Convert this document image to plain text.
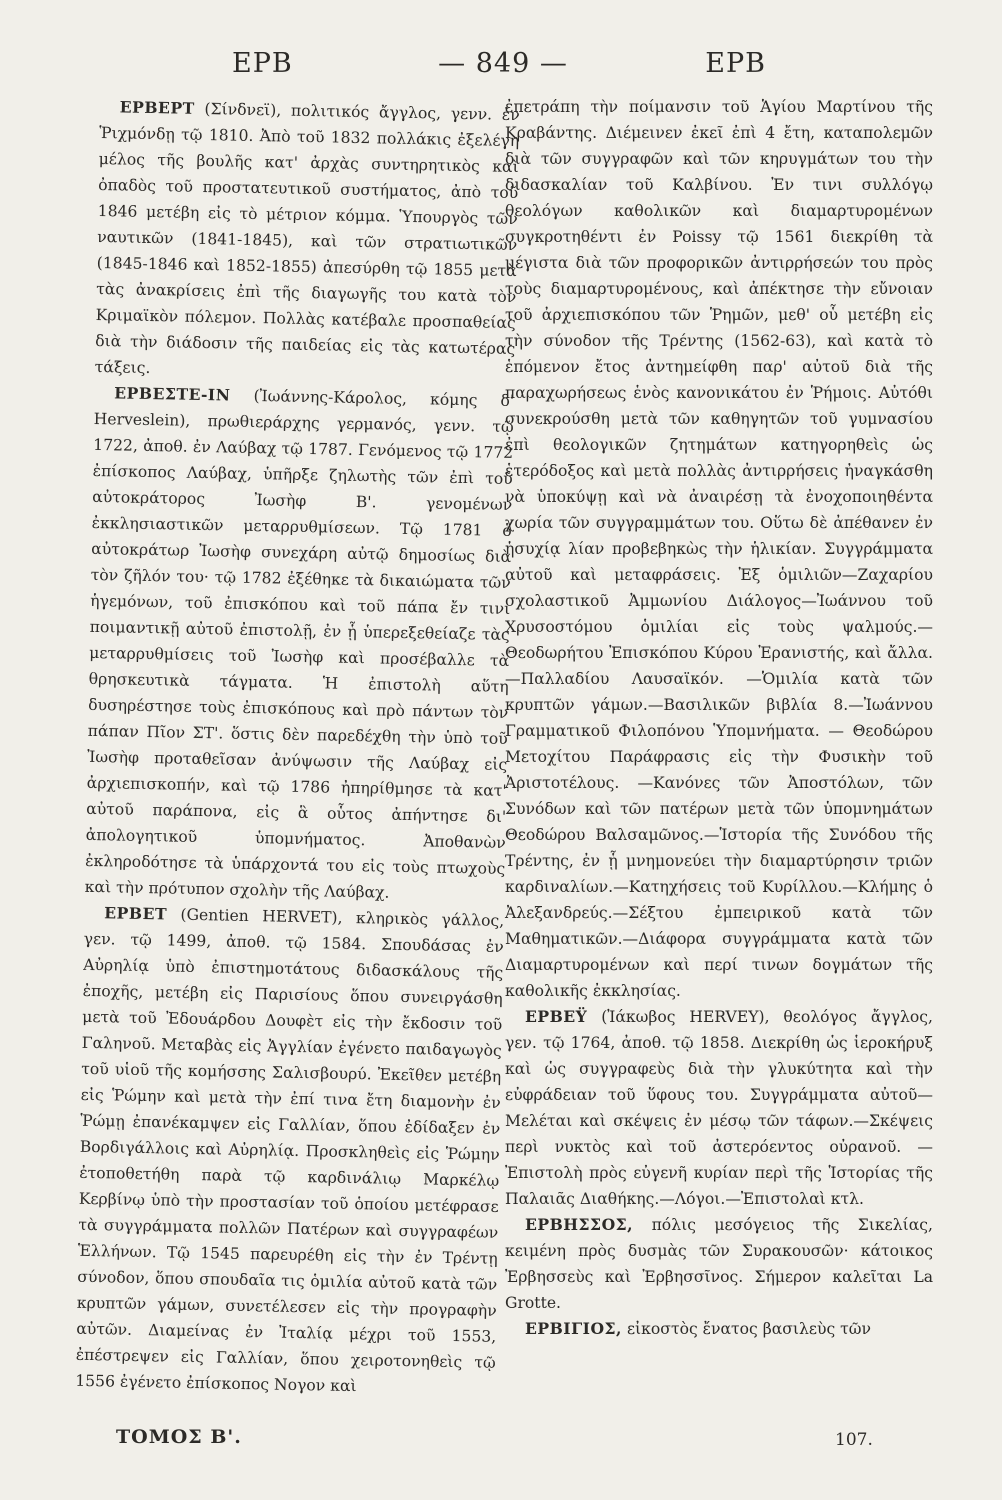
ΕΡΒ	— 849 —	ΕΡΒ

ΕΡΒΕΡΤ (Σίνδνεϊ), πολιτικός ἄγγλος, γενν. ἐν Ῥιχμόνδῃ τῷ 1810. Ἀπὸ τοῦ 1832 πολλάκις ἐξελέγη μέλος τῆς βουλῆς κατ' ἀρχὰς συντηρητικὸς καὶ ὀπαδὸς τοῦ προστατευτικοῦ συστήματος, ἀπὸ τοῦ 1846 μετέβη εἰς τὸ μέτριον κόμμα. Ὑπουργὸς τῶν ναυτικῶν (1841-1845), καὶ τῶν στρατιωτικῶν (1845-1846 καὶ 1852-1855) ἀπεσύρθη τῷ 1855 μετὰ τὰς ἀνακρίσεις ἐπὶ τῆς διαγωγῆς του κατὰ τὸν Κριμαϊκὸν πόλεμον. Πολλὰς κατέβαλε προσπαθείας διὰ τὴν διάδοσιν τῆς παιδείας εἰς τὰς κατωτέρας τάξεις.

ΕΡΒΕΣΤΕ-ΙΝ (Ἰωάννης-Κάρολος, κόμης δ' Herveslein), πρωθιεράρχης γερμανός, γενν. τῷ 1722, ἀποθ. ἐν Λαύβαχ τῷ 1787. Γενόμενος τῷ 1772 ἐπίσκοπος Λαύβαχ, ὑπῆρξε ζηλωτὴς τῶν ἐπὶ τοῦ αὐτοκράτορος Ἰωσὴφ Β'. γενομένων ἐκκλησιαστικῶν μεταρρυθμίσεων. Τῷ 1781 ὁ αὐτοκράτωρ Ἰωσὴφ συνεχάρη αὐτῷ δημοσίως διὰ τὸν ζῆλόν του· τῷ 1782 ἐξέθηκε τὰ δικαιώματα τῶν ἡγεμόνων, τοῦ ἐπισκόπου καὶ τοῦ πάπα ἔν τινι ποιμαντικῇ αὐτοῦ ἐπιστολῇ, ἐν ᾗ ὑπερεξεθείαζε τὰς μεταρρυθμίσεις τοῦ Ἰωσὴφ καὶ προσέβαλλε τὰ θρησκευτικὰ τάγματα. Ἡ ἐπιστολὴ αὕτη δυσηρέστησε τοὺς ἐπισκόπους καὶ πρὸ πάντων τὸν πάπαν Πῖον ΣΤ'. ὅστις δὲν παρεδέχθη τὴν ὑπὸ τοῦ Ἰωσὴφ προταθεῖσαν ἀνύψωσιν τῆς Λαύβαχ εἰς ἀρχιεπισκοπήν, καὶ τῷ 1786 ἠπηρίθμησε τὰ κατ' αὐτοῦ παράπονα, εἰς ἃ οὗτος ἀπήντησε δι' ἀπολογητικοῦ ὑπομνήματος. Ἀποθανὼν ἐκληροδότησε τὰ ὑπάρχοντά του εἰς τοὺς πτωχοὺς καὶ τὴν πρότυπον σχολὴν τῆς Λαύβαχ.

ΕΡΒΕΤ (Gentien HERVET), κληρικὸς γάλλος, γεν. τῷ 1499, ἀποθ. τῷ 1584. Σπουδάσας ἐν Αὐρηλίᾳ ὑπὸ ἐπιστημοτάτους διδασκάλους τῆς ἐποχῆς, μετέβη εἰς Παρισίους ὅπου συνειργάσθη μετὰ τοῦ Ἐδουάρδου Δουφὲτ εἰς τὴν ἔκδοσιν τοῦ Γαληνοῦ. Μεταβὰς εἰς Ἀγγλίαν ἐγένετο παιδαγωγὸς τοῦ υἱοῦ τῆς κομήσσης Σαλισβουρύ. Ἐκεῖθεν μετέβη εἰς Ῥώμην καὶ μετὰ τὴν ἐπί τινα ἔτη διαμονὴν ἐν Ῥώμῃ ἐπανέκαμψεν εἰς Γαλλίαν, ὅπου ἐδίδαξεν ἐν Βορδιγάλλοις καὶ Αὐρηλίᾳ. Προσκληθεὶς εἰς Ῥώμην ἐτοποθετήθη παρὰ τῷ καρδινάλιῳ Μαρκέλῳ Κερβίνῳ ὑπὸ τὴν προστασίαν τοῦ ὁποίου μετέφρασε τὰ συγγράμματα πολλῶν Πατέρων καὶ συγγραφέων Ἑλλήνων. Τῷ 1545 παρευρέθη εἰς τὴν ἐν Τρέντῃ σύνοδον, ὅπου σπουδαῖα τις ὁμιλία αὐτοῦ κατὰ τῶν κρυπτῶν γάμων, συνετέλεσεν εἰς τὴν προγραφὴν αὐτῶν. Διαμείνας ἐν Ἰταλίᾳ μέχρι τοῦ 1553, ἐπέστρεψεν εἰς Γαλλίαν, ὅπου χειροτονηθεὶς τῷ 1556 ἐγένετο ἐπίσκοπος Νογον καὶ

ἐπετράπη τὴν ποίμανσιν τοῦ Ἁγίου Μαρτίνου τῆς Κραβάντης. Διέμεινεν ἐκεῖ ἐπὶ 4 ἔτη, καταπολεμῶν διὰ τῶν συγγραφῶν καὶ τῶν κηρυγμάτων του τὴν διδασκαλίαν τοῦ Καλβίνου. Ἐν τινι συλλόγῳ θεολόγων καθολικῶν καὶ διαμαρτυρομένων συγκροτηθέντι ἐν Poissy τῷ 1561 διεκρίθη τὰ μέγιστα διὰ τῶν προφορικῶν ἀντιρρήσεών του πρὸς τοὺς διαμαρτυρομένους, καὶ ἀπέκτησε τὴν εὔνοιαν τοῦ ἀρχιεπισκόπου τῶν Ῥημῶν, μεθ' οὗ μετέβη εἰς τὴν σύνοδον τῆς Τρέντης (1562-63), καὶ κατὰ τὸ ἑπόμενον ἔτος ἀντημείφθη παρ' αὐτοῦ διὰ τῆς παραχωρήσεως ἑνὸς κανονικάτου ἐν Ῥήμοις. Αὐτόθι συνεκρούσθη μετὰ τῶν καθηγητῶν τοῦ γυμνασίου ἐπὶ θεολογικῶν ζητημάτων κατηγορηθεὶς ὡς ἑτερόδοξος καὶ μετὰ πολλὰς ἀντιρρήσεις ἠναγκάσθη νὰ ὑποκύψῃ καὶ νὰ ἀναιρέσῃ τὰ ἐνοχοποιηθέντα χωρία τῶν συγγραμμάτων του. Οὕτω δὲ ἀπέθανεν ἐν ἡσυχίᾳ λίαν προβεβηκὼς τὴν ἡλικίαν. Συγγράμματα αὐτοῦ καὶ μεταφράσεις. Ἐξ ὁμιλιῶν—Ζαχαρίου σχολαστικοῦ Ἀμμωνίου Διάλογος—Ἰωάννου τοῦ Χρυσοστόμου ὁμιλίαι εἰς τοὺς ψαλμούς.—Θεοδωρήτου Ἐπισκόπου Κύρου Ἐρανιστής, καὶ ἄλλα.—Παλλαδίου Λαυσαϊκόν. —Ὁμιλία κατὰ τῶν κρυπτῶν γάμων.—Βασιλικῶν βιβλία 8.—Ἰωάννου Γραμματικοῦ Φιλοπόνου Ὑπομνήματα. — Θεοδώρου Μετοχίτου Παράφρασις εἰς τὴν Φυσικὴν τοῦ Ἀριστοτέλους. —Κανόνες τῶν Ἀποστόλων, τῶν Συνόδων καὶ τῶν πατέρων μετὰ τῶν ὑπομνημάτων Θεοδώρου Βαλσαμῶνος.—Ἱστορία τῆς Συνόδου τῆς Τρέντης, ἐν ᾗ μνημονεύει τὴν διαμαρτύρησιν τριῶν καρδιναλίων.—Κατηχήσεις τοῦ Κυρίλλου.—Κλήμης ὁ Ἀλεξανδρεύς.—Σέξτου ἐμπειρικοῦ κατὰ τῶν Μαθηματικῶν.—Διάφορα συγγράμματα κατὰ τῶν Διαμαρτυρομένων καὶ περί τινων δογμάτων τῆς καθολικῆς ἐκκλησίας.

ΕΡΒΕΫ (Ἰάκωβος HERVEY), θεολόγος ἄγγλος, γεν. τῷ 1764, ἀποθ. τῷ 1858. Διεκρίθη ὡς ἱεροκήρυξ καὶ ὡς συγγραφεὺς διὰ τὴν γλυκύτητα καὶ τὴν εὐφράδειαν τοῦ ὕφους του. Συγγράμματα αὐτοῦ—Μελέται καὶ σκέψεις ἐν μέσῳ τῶν τάφων.—Σκέψεις περὶ νυκτὸς καὶ τοῦ ἀστερόεντος οὐρανοῦ. — Ἐπιστολὴ πρὸς εὐγενῆ κυρίαν περὶ τῆς Ἱστορίας τῆς Παλαιᾶς Διαθήκης.—Λόγοι.—Ἐπιστολαὶ κτλ.

ΕΡΒΗΣΣΟΣ, πόλις μεσόγειος τῆς Σικελίας, κειμένη πρὸς δυσμὰς τῶν Συρακουσῶν· κάτοικος Ἐρβησσεὺς καὶ Ἐρβησσῖνος. Σήμερον καλεῖται La Grotte.

ΕΡΒΙΓΙΟΣ, εἰκοστὸς ἔνατος βασιλεὺς τῶν

ΤΟΜΟΣ Β'.	107.
